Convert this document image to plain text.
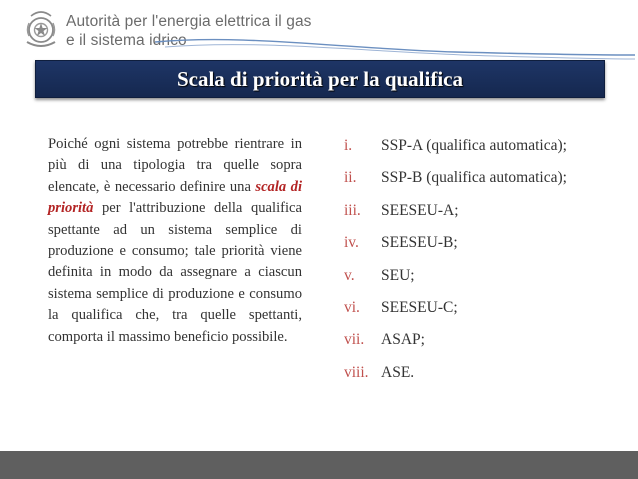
Autorità per l'energia elettrica il gas
e il sistema idrico
Scala di priorità per la qualifica
Poiché ogni sistema potrebbe rientrare in più di una tipologia tra quelle sopra elencate, è necessario definire una scala di priorità per l'attribuzione della qualifica spettante ad un sistema semplice di produzione e consumo; tale priorità viene definita in modo da assegnare a ciascun sistema semplice di produzione e consumo la qualifica che, tra quelle spettanti, comporta il massimo beneficio possibile.
i.	SSP-A (qualifica automatica);
ii.	SSP-B (qualifica automatica);
iii.	SEESEU-A;
iv.	SEESEU-B;
v.	SEU;
vi.	SEESEU-C;
vii.	ASAP;
viii. ASE.
